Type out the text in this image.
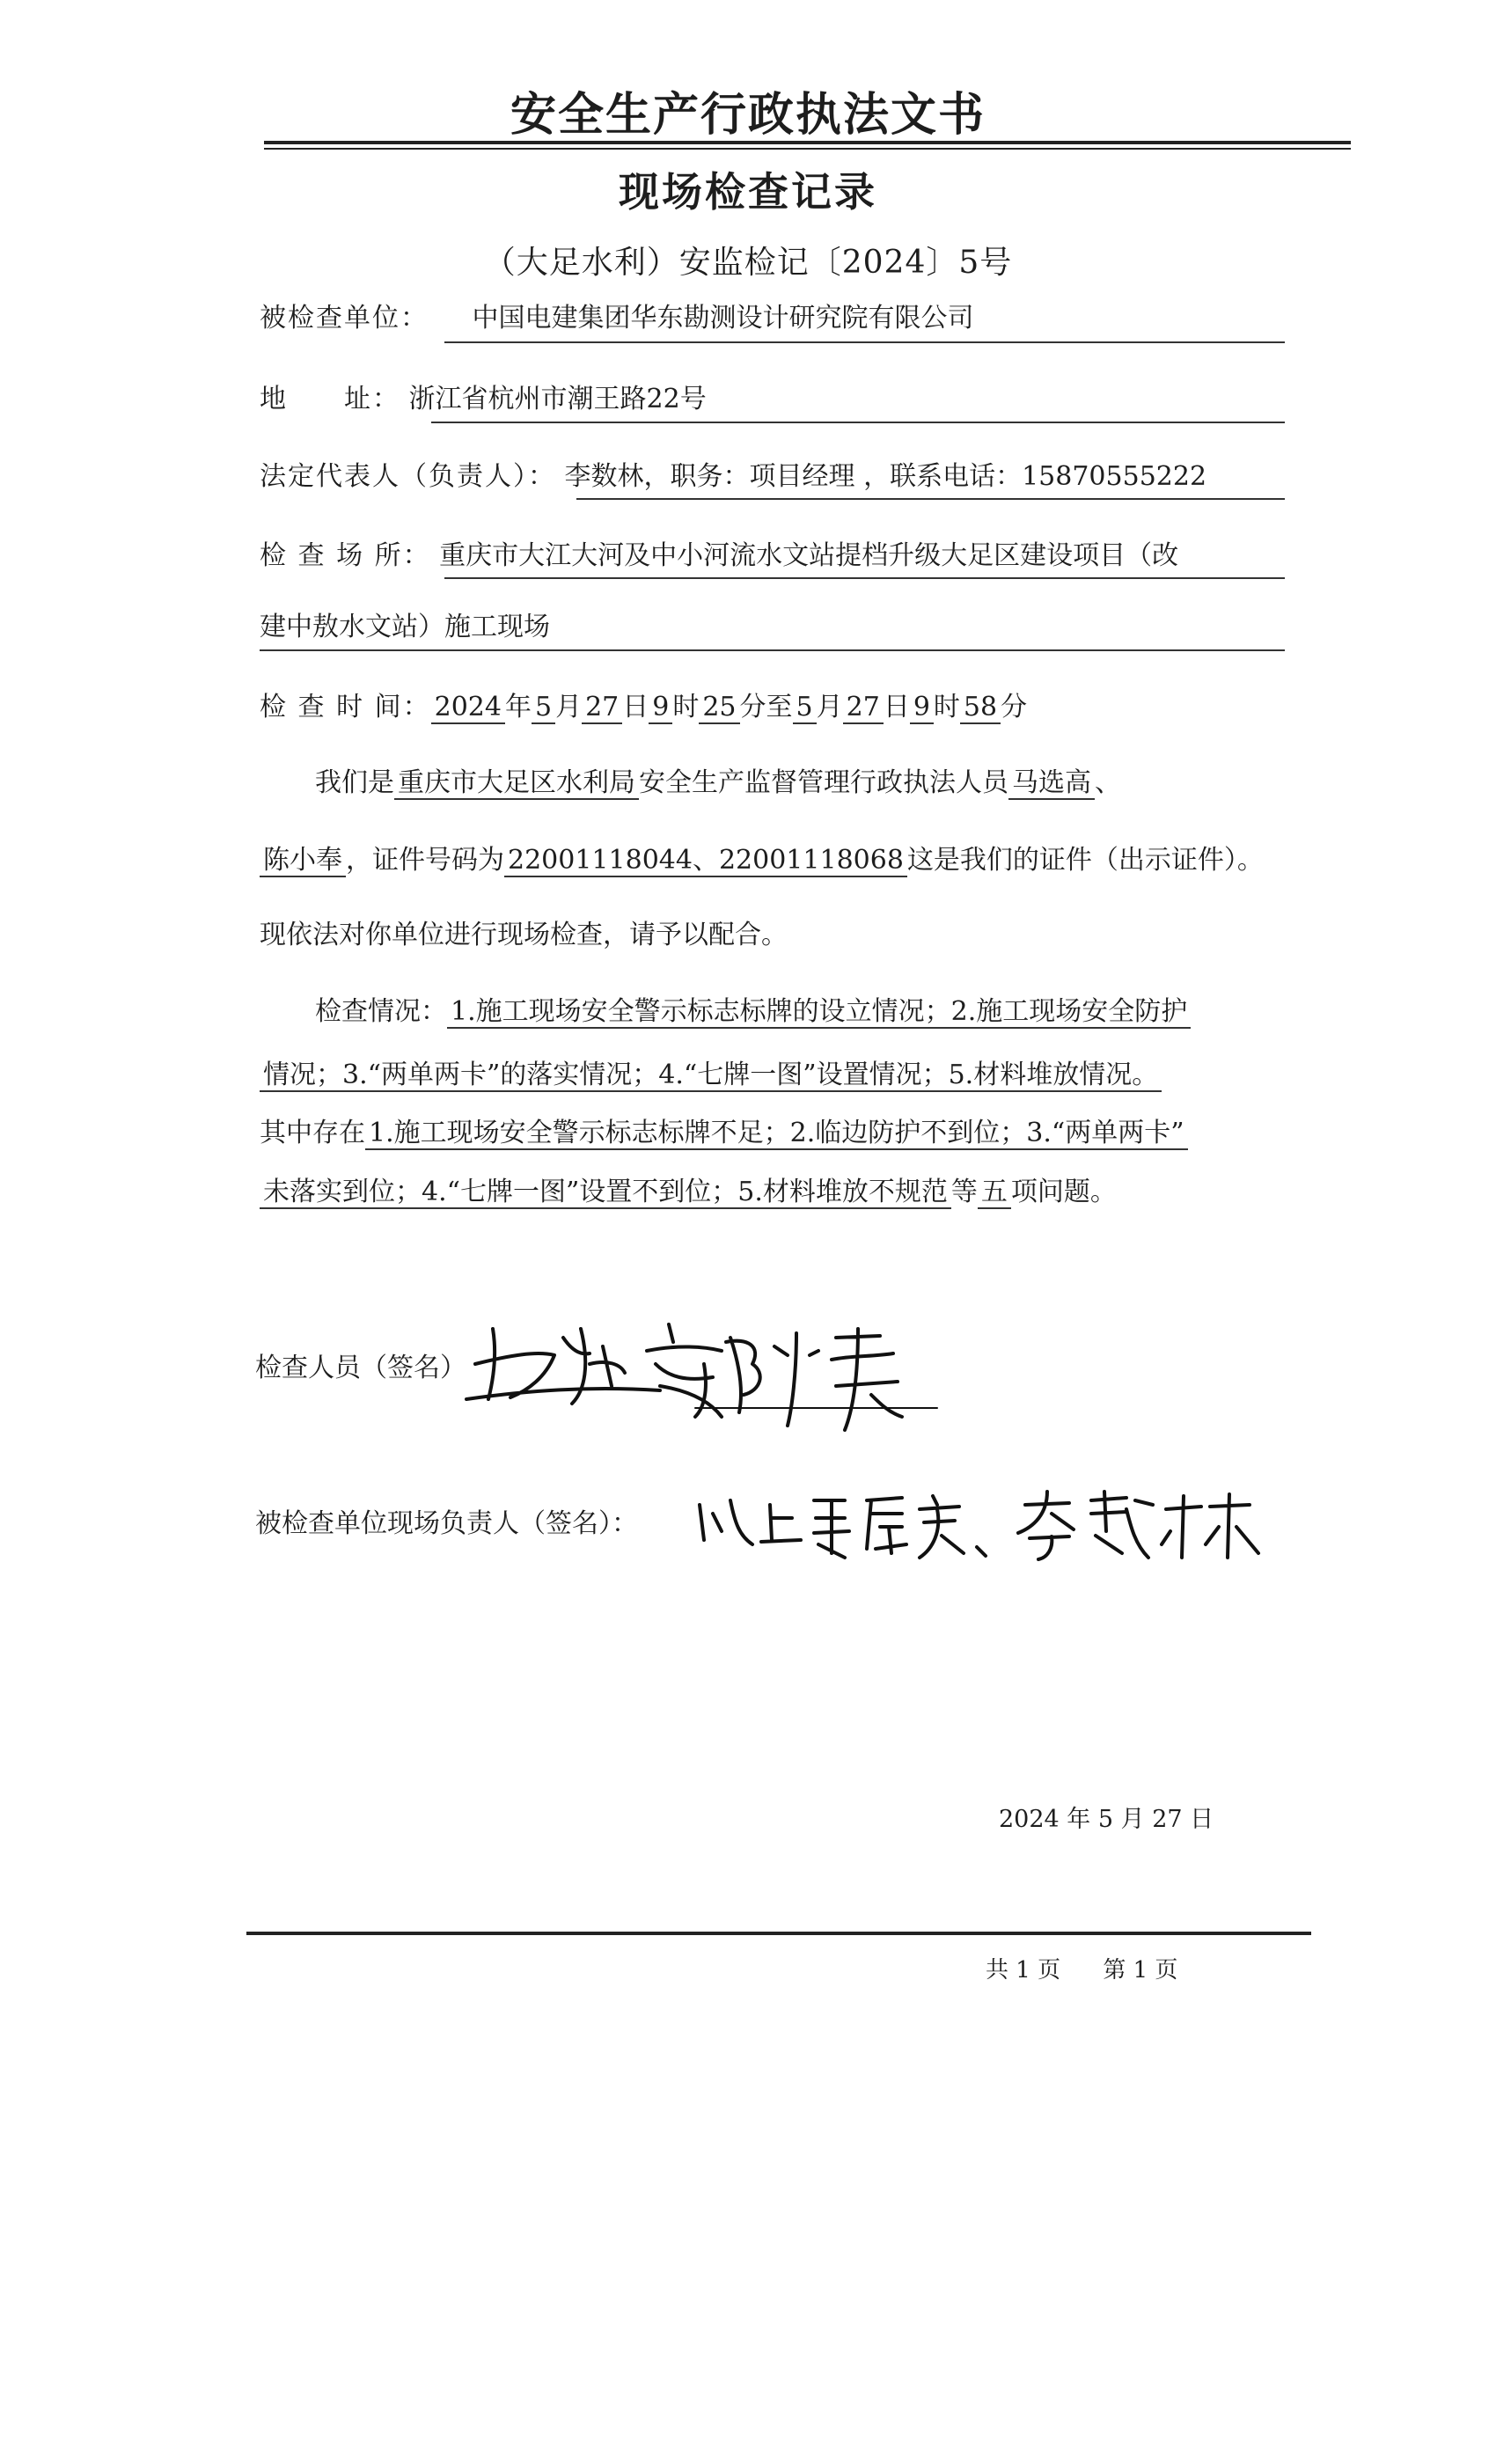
安全生产行政执法文书
现场检查记录
（大足水利）安监检记〔2024〕5号
被检查单位： 中国电建集团华东勘测设计研究院有限公司
地　　址： 浙江省杭州市潮王路22号
法定代表人（负责人）： 李数林，职务：项目经理 ，联系电话：15870555222
检 查 场 所： 重庆市大江大河及中小河流水文站提档升级大足区建设项目（改
建中敖水文站）施工现场
检 查 时 间： 2024 年 5 月 27 日 9 时 25 分至 5 月 27 日 9 时 58 分
我们是 重庆市大足区水利局 安全生产监督管理行政执法人员 马选高 、
陈小奉 ，证件号码为 22001118044、22001118068 这是我们的证件（出示证件）。
现依法对你单位进行现场检查，请予以配合。
检查情况： 1.施工现场安全警示标志标牌的设立情况；2.施工现场安全防护
情况；3.“两单两卡”的落实情况；4.“七牌一图”设置情况；5.材料堆放情况。
其中存在 1.施工现场安全警示标志标牌不足；2.临边防护不到位；3.“两单两卡”
未落实到位；4.“七牌一图”设置不到位；5.材料堆放不规范 等 五 项问题。
检查人员（签名）
被检查单位现场负责人（签名）：
2024 年 5 月 27 日
共 1 页 第 1 页
